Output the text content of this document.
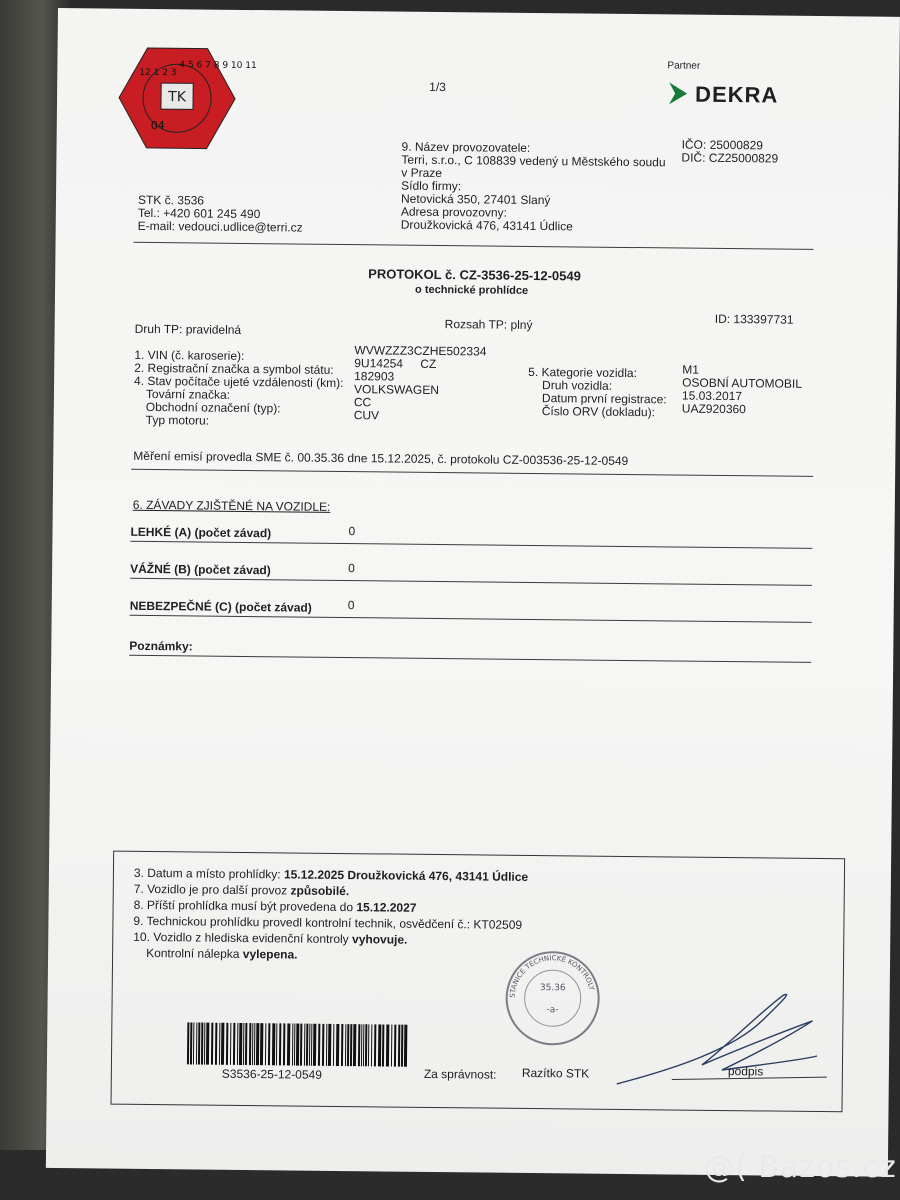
TK
12 1 2 3
4 5 6 7 8 9 10 11
04
1/3
Partner
DEKRA
9. Název provozovatele:
Terri, s.r.o., C 108839 vedený u Městského soudu
v Praze
Sídlo firmy:
Netovická 350, 27401 Slaný
Adresa provozovny:
Droužkovická 476, 43141 Údlice
IČO: 25000829
DIČ: CZ25000829
STK č. 3536
Tel.: +420 601 245 490
E-mail: vedouci.udlice@terri.cz
PROTOKOL č. CZ-3536-25-12-0549
o technické prohlídce
Druh TP: pravidelná	Rozsah TP: plný	ID: 133397731
1. VIN (č. karoserie):	WVWZZZ3CZHE502334
2. Registrační značka a symbol státu: 9U14254 CZ
4. Stav počítače ujeté vzdálenosti (km): 182903
Tovární značka:	VOLKSWAGEN
Obchodní označení (typ):	CC
Typ motoru:	CUV
5. Kategorie vozidla:	M1
Druh vozidla:	OSOBNÍ AUTOMOBIL
Datum první registrace: 15.03.2017
Číslo ORV (dokladu): UAZ920360
Měření emisí provedla SME č. 00.35.36 dne 15.12.2025, č. protokolu CZ-003536-25-12-0549
6. ZÁVADY ZJIŠTĚNÉ NA VOZIDLE:
LEHKÉ (A) (počet závad)	0
VÁŽNÉ (B) (počet závad)	0
NEBEZPEČNÉ (C) (počet závad)	0
Poznámky:
3. Datum a místo prohlídky: 15.12.2025 Droužkovická 476, 43141 Údlice
7. Vozidlo je pro další provoz způsobilé.
8. Příští prohlídka musí být provedena do 15.12.2027
9. Technickou prohlídku provedl kontrolní technik, osvědčení č.: KT02509
10. Vozidlo z hlediska evidenční kontroly vyhovuje.
Kontrolní nálepka vylepena.
35.36
-a-
STANICE TECHNICKÉ KONTROLY
S3536-25-12-0549	Za správnost: Razítko STK	podpis
@( Bazos.cz
